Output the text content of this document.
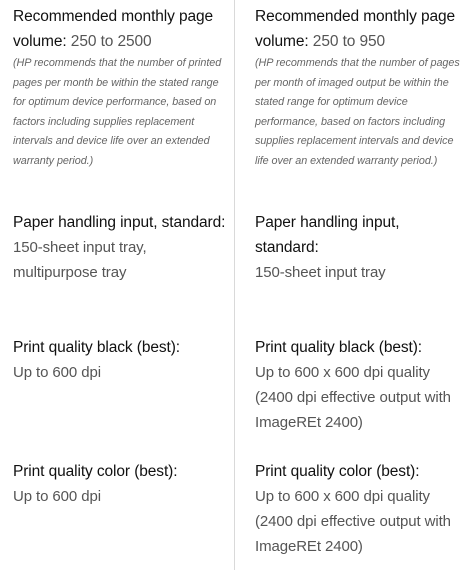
Recommended monthly page
volume: 250 to 2500
(HP recommends that the number of printed pages per month be within the stated range for optimum device performance, based on factors including supplies replacement intervals and device life over an extended warranty period.)
Paper handling input, standard:
150-sheet input tray, multipurpose tray
Print quality black (best):
Up to 600 dpi
Print quality color (best):
Up to 600 dpi
Recommended monthly page
volume: 250 to 950
(HP recommends that the number of pages per month of imaged output be within the stated range for optimum device performance, based on factors including supplies replacement intervals and device life over an extended warranty period.)
Paper handling input, standard:
150-sheet input tray
Print quality black (best):
Up to 600 x 600 dpi quality (2400 dpi effective output with ImageREt 2400)
Print quality color (best):
Up to 600 x 600 dpi quality (2400 dpi effective output with ImageREt 2400)
